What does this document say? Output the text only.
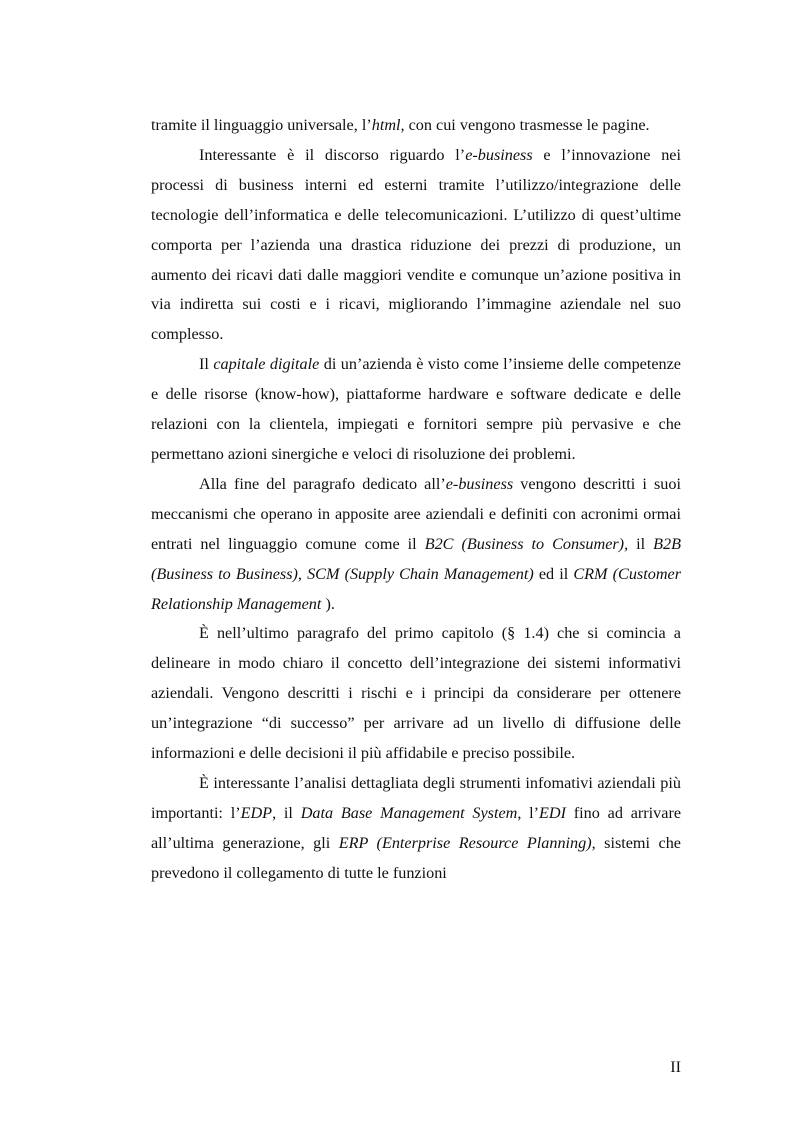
tramite il linguaggio universale, l’html, con cui vengono trasmesse le pagine.

Interessante è il discorso riguardo l’e-business e l’innovazione nei processi di business interni ed esterni tramite l’utilizzo/integrazione delle tecnologie dell’informatica e delle telecomunicazioni. L’utilizzo di quest’ultime comporta per l’azienda una drastica riduzione dei prezzi di produzione, un aumento dei ricavi dati dalle maggiori vendite e comunque un’azione positiva in via indiretta sui costi e i ricavi, migliorando l’immagine aziendale nel suo complesso.

Il capitale digitale di un’azienda è visto come l’insieme delle competenze e delle risorse (know-how), piattaforme hardware e software dedicate e delle relazioni con la clientela, impiegati e fornitori sempre più pervasive e che permettano azioni sinergiche e veloci di risoluzione dei problemi.

Alla fine del paragrafo dedicato all’e-business vengono descritti i suoi meccanismi che operano in apposite aree aziendali e definiti con acronimi ormai entrati nel linguaggio comune come il B2C (Business to Consumer), il B2B (Business to Business), SCM (Supply Chain Management) ed il CRM (Customer Relationship Management ).

È nell’ultimo paragrafo del primo capitolo (§ 1.4) che si comincia a delineare in modo chiaro il concetto dell’integrazione dei sistemi informativi aziendali. Vengono descritti i rischi e i principi da considerare per ottenere un’integrazione “di successo” per arrivare ad un livello di diffusione delle informazioni e delle decisioni il più affidabile e preciso possibile.

È interessante l’analisi dettagliata degli strumenti infomativi aziendali più importanti: l’EDP, il Data Base Management System, l’EDI fino ad arrivare all’ultima generazione, gli ERP (Enterprise Resource Planning), sistemi che prevedono il collegamento di tutte le funzioni

II
